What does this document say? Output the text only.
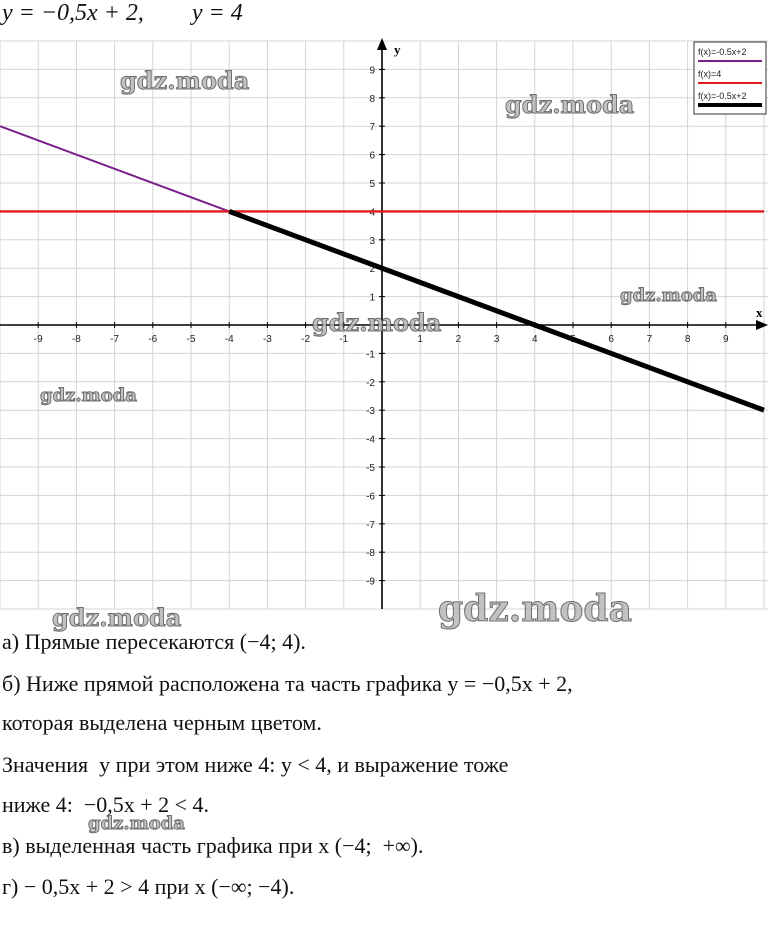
y = −0,5x + 2,        y = 4
x
y
-9	-8	-7	-6	-5	-4	-3	-2	-1	1	2	3	4	5	6	7	8	9
9
8
7
6
5
4
3
2
1
-1
-2
-3
-4
-5
-6
-7
-8
-9
f(x)=-0.5x+2
f(x)=4
f(x)=-0.5x+2
а) Прямые пересекаются (−4; 4).
б) Ниже прямой расположена та часть графика y = −0,5x + 2,
которая выделена черным цветом.
Значения  y при этом ниже 4: y < 4, и выражение тоже
ниже 4:  −0,5x + 2 < 4.
в) выделенная часть графика при x (−4;  +∞).
г) − 0,5x + 2 > 4 при x (−∞; −4).
gdz.moda
gdz.moda
gdz.moda
gdz.moda
gdz.moda
gdz.moda	gdz.moda
gdz.moda
